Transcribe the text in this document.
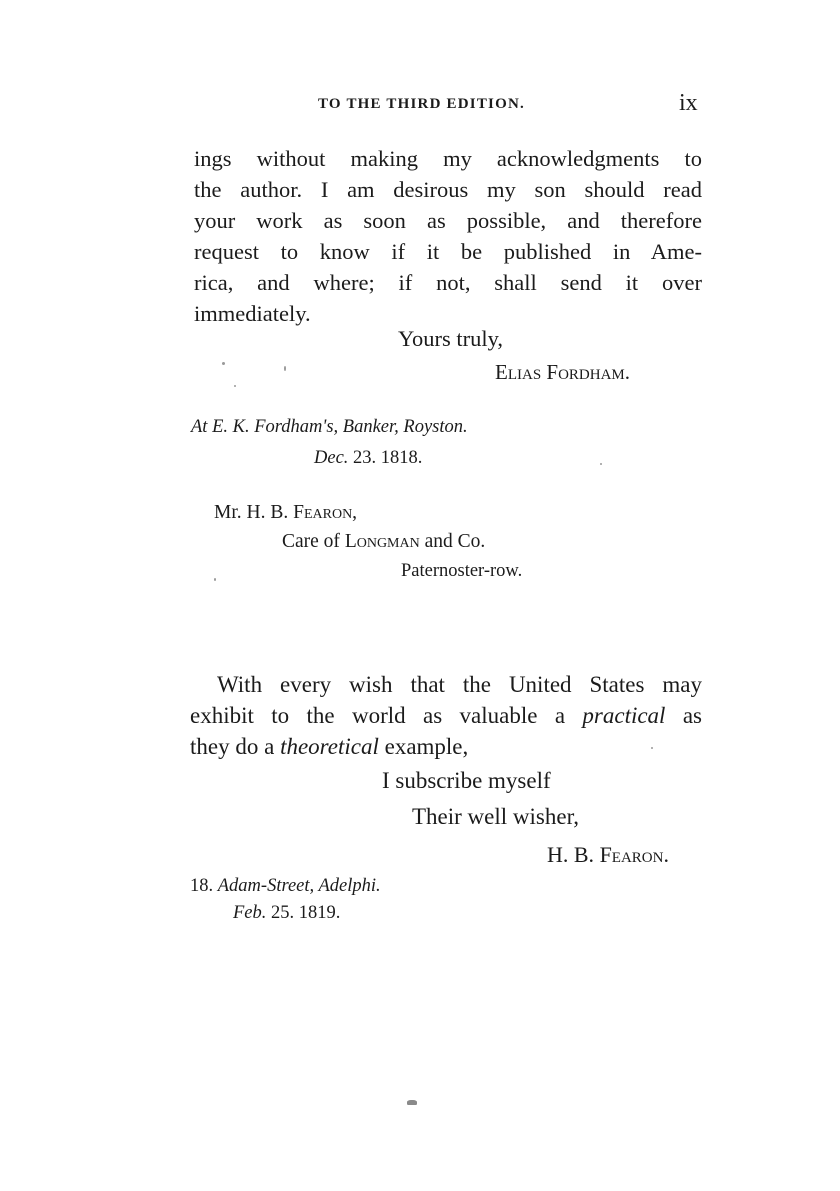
TO THE THIRD EDITION.	ix
ings without making my acknowledgments to
the author. I am desirous my son should read
your work as soon as possible, and therefore
request to know if it be published in Ame-
rica, and where; if not, shall send it over
immediately.
Yours truly,
Elias Fordham.
At E. K. Fordham's, Banker, Royston.
Dec. 23. 1818.
Mr. H. B. Fearon,
Care of Longman and Co.
Paternoster-row.
With every wish that the United States may
exhibit to the world as valuable a practical as
they do a theoretical example,
I subscribe myself
Their well wisher,
H. B. Fearon.
18. Adam-Street, Adelphi.
Feb. 25. 1819.
